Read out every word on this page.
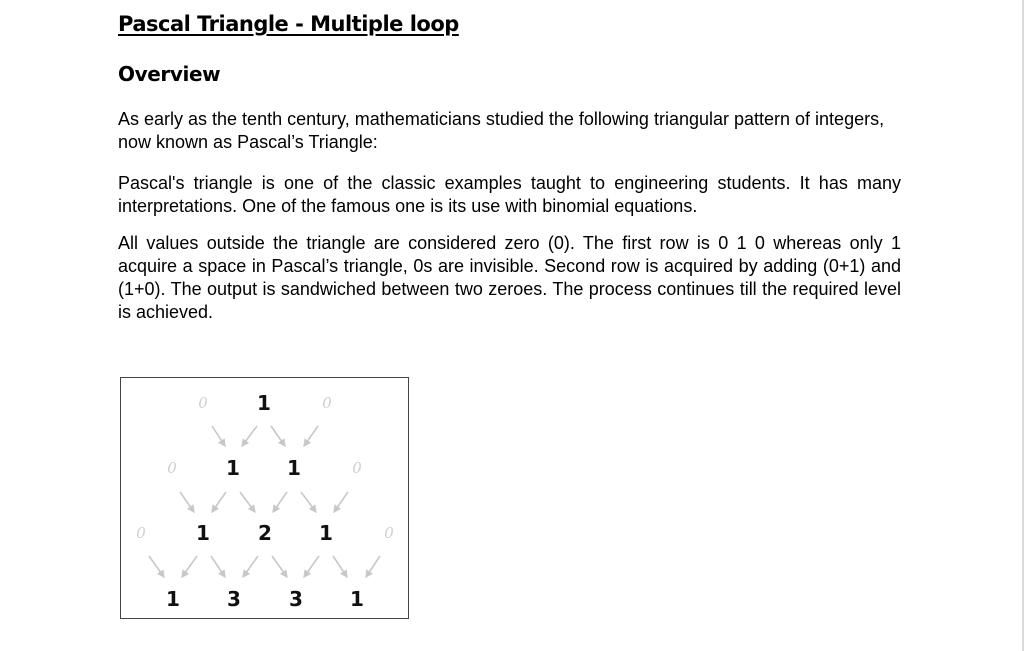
Pascal Triangle - Multiple loop
Overview

As early as the tenth century, mathematicians studied the following triangular pattern of integers, now known as Pascal’s Triangle:

Pascal's triangle is one of the classic examples taught to engineering students. It has many interpretations. One of the famous one is its use with binomial equations.

All values outside the triangle are considered zero (0). The first row is 0 1 0 whereas only 1 acquire a space in Pascal’s triangle, 0s are invisible. Second row is acquired by adding (0+1) and (1+0). The output is sandwiched between two zeroes. The process continues till the required level is achieved.

0 1	0
0 1 1	0
0	1 2 1	0
1 3 3 1
